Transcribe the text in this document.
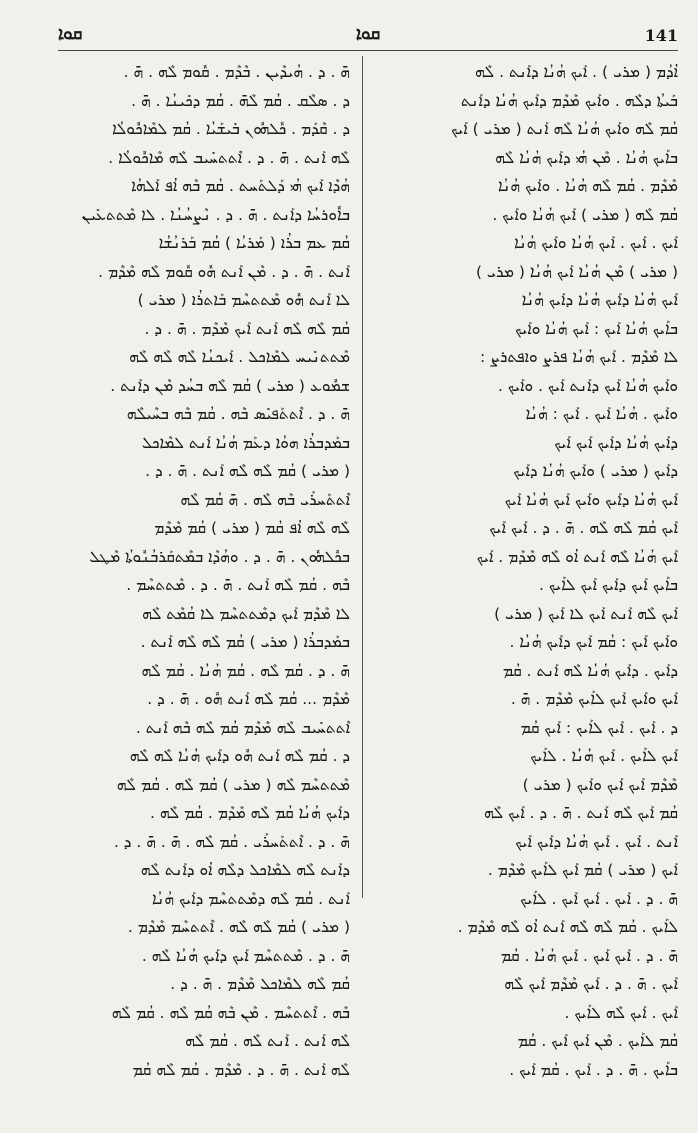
ܩܘܐ	ܩܘܐ	141
ܗ̄ . ܕ . ܗܳܝܕܶܝܢ . ܒܶܕܶܡ . ܩܽܘܡ ܠܶܗ . ܗ̄ .
ܕ . ܣܠܶܩ . ܩܳܡ ܠܶܗ̄ . ܩܳܡ ܕܟܺܝܢܳܐ . ܗ̄ .
ܕ . ܩܶܕܰܡ . ܟܽܠܗܽܘܢ ܒܺܝܫܰܝܳܐ . ܩܳܡ ܠܡܶܐܟܽܘܠܳܐ
ܠܶܗ ܐܰܢܬ . ܗ̄ . ܕ . ܐܶܬܬܚܺܝܒ ܠܶܗ ܡܶܐܟܽܘܠܳܐ .
ܗܳܕܶܐ ܐܰܝܟ ܗܳܝ ܕܰܠܬܰܚܬ . ܩܳܡ ܒܶܗ ܐܳܦ ܐܰܠܗܳܐ
ܒܐܽܘܪܚܳܐ ܕܐܰܢܬ . ܗ̄ . ܕ . ܢܶܨܚܳܢܳܐ . ܠܐ ܡܶܬܬܥܺܝܢ
ܩܳܡ ܥܡ ܒܪܳܐ ( ܡܰܪܝܳܐ ) ܩܳܡ ܒܰܪܢܳܫܳܐ
ܐܰܢܬ . ܗ̄ . ܕ . ܡܶܢ ܐܰܢܬ ܗܽܘ ܩܽܘܡ ܠܶܗ ܡܶܕܶܡ .
ܠܐ ܐܰܢܬ ܗܽܘ ܡܶܬܬܚܶܡ ܒܰܐܬܪܳܐ ( ܡܪܝ )
ܩܳܡ ܠܶܗ ܠܶܗ ܐܰܢܬ ܐܰܝܟ ܡܶܕܶܡ . ܗ̄ . ܕ .
ܡܶܬܬܢܺܝܚ ܠܡܶܐܟܠ . ܐܰܝܟܢܳܐ ܠܶܗ ܠܶܗ ܠܶܗ
ܫܡܽܘܥ ( ܡܪܝ ) ܩܳܡ ܠܶܗ ܒܚܳܕ ܡܶܢ ܕܐܰܢܬ .
ܗ̄ . ܕ . ܐܶܬܬܰܦܝܺܣ ܒܶܗ . ܩܳܡ ܒܶܗ ܒܚܶܝܠܶܗ
ܒܡܰܕܒܪܳܐ ܗܘܳܐ ܕܥܰܡ ܗܳܢܳܐ ܐܰܢܬ ܠܡܶܐܟܠ
( ܡܪܝ ) ܩܳܡ ܠܶܗ ܠܶܗ ܐܰܢܬ . ܗ̄ . ܕ .
ܐܶܬܬܰܚܪܰܝ ܒܶܗ ܠܶܗ . ܗ̄ ܩܳܡ ܠܶܗ
ܠܶܗ ܠܶܗ ܐܳܦ ܩܳܡ ( ܡܪܝ ) ܩܳܡ ܡܶܕܶܡ
ܒܟܽܠܗܽܘܢ . ܗ̄ . ܕ . ܘܗܳܕܶܐ ܒܡܶܬܩܰܪܒܳܢܽܘܬܳܐ ܡܶܛܠ
ܒܶܗ . ܩܳܡ ܠܶܗ ܐܰܢܬ . ܗ̄ . ܕ . ܡܶܬܬܚܶܡ .
ܠܐ ܡܶܕܶܡ ܐܰܝܟ ܕܡܶܬܬܚܶܡ ܠܐ ܩܳܡܶܬ ܠܶܗ
ܒܡܰܕܒܪܳܐ ( ܡܪܝ ) ܩܳܡ ܠܶܗ ܠܶܗ ܐܰܢܬ .
ܗ̄ . ܕ . ܩܳܡ ܠܶܗ . ܩܳܡ ܗܳܢܳܐ . ܩܳܡ ܠܶܗ
ܡܶܕܶܡ ... ܩܳܡ ܠܶܗ ܐܰܢܬ ܗܽܘ . ܗ̄ . ܕ .
ܐܶܬܬܚܺܝܒ ܠܶܗ ܡܶܕܶܡ ܩܳܡ ܠܶܗ ܒܶܗ ܐܰܢܬ .
ܕ . ܩܳܡ ܠܶܗ ܐܰܢܬ ܗܽܘ ܕܐܰܝܟ ܗܳܢܳܐ ܠܶܗ ܠܶܗ
ܡܶܬܬܚܶܡ ܠܶܗ ( ܡܪܝ ) ܩܳܡ ܠܶܗ . ܩܳܡ ܠܶܗ
ܕܐܰܝܟ ܗܳܢܳܐ ܩܳܡ ܠܶܗ ܡܶܕܶܡ . ܩܳܡ ܠܶܗ .
ܗ̄ . ܕ . ܐܶܬܬܰܚܪܰܝ . ܩܳܡ ܠܶܗ . ܗ̄ . ܗ̄ . ܕ .
ܕܐܰܢܬ ܠܶܗ ܠܡܶܐܟܠ ܕܠܶܗ ܐܳܘ ܕܐܰܢܬ ܠܶܗ
ܐܰܢܬ . ܩܳܡ ܠܶܗ ܕܡܶܬܬܚܶܡ ܕܐܰܝܟ ܗܳܢܳܐ
( ܡܪܝ ) ܩܳܡ ܠܶܗ ܠܶܗ . ܐܶܬܬܚܶܡ ܡܶܕܶܡ .
ܗ̄ . ܕ . ܡܶܬܬܚܶܡ ܐܰܝܟ ܕܐܰܝܟ ܗܳܢܳܐ ܠܶܗ .
ܩܳܡ ܠܶܗ ܠܡܶܐܟܠ ܡܶܕܶܡ . ܗ̄ . ܕ .
ܒܶܗ . ܐܶܬܬܚܶܡ . ܡܶܢ ܒܶܗ ܩܳܡ ܠܶܗ . ܩܳܡ ܠܶܗ
ܠܶܗ ܐܰܢܬ . ܐܰܢܬ ܠܶܗ . ܩܳܡ ܠܶܗ
ܠܶܗ ܐܰܢܬ . ܗ̄ . ܕ . ܡܶܕܶܡ . ܩܳܡ ܠܶܗ ܩܳܡ
ܐܳܕܳܡ ( ܡܪܝ ) . ܐܰܝܟ ܗܳܢܳܐ ܕܐܰܢܬ . ܠܶܗ
ܒܰܝܬܳܐ ܕܠܶܗ . ܘܐܰܝܟ ܡܶܕܶܡ ܕܐܰܝܟ ܗܳܢܳܐ ܕܐܰܢܬ
ܩܳܡ ܠܶܗ ܘܐܰܝܟ ܗܳܢܳܐ ܠܶܗ ܐܰܢܬ ( ܡܪܝ ) ܐܰܝܟ
ܒܐܰܝܟ ܗܳܢܳܐ . ܡܶܢ ܗܳܝ ܕܐܰܝܟ ܗܳܢܳܐ ܠܶܗ
ܡܶܕܶܡ . ܩܳܡ ܠܶܗ ܗܳܢܳܐ . ܘܐܰܝܟ ܗܳܢܳܐ
ܩܳܡ ܠܶܗ ( ܡܪܝ ) ܐܰܝܟ ܗܳܢܳܐ ܘܐܰܝܟ .
ܐܰܝܟ . ܐܰܝܟ . ܐܰܝܟ ܗܳܢܳܐ ܘܐܰܝܟ ܗܳܢܳܐ
( ܡܪܝ ) ܡܶܢ ܗܳܢܳܐ ܐܰܝܟ ܗܳܢܳܐ ( ܡܪܝ )
ܐܰܝܟ ܗܳܢܳܐ ܕܐܰܝܟ ܗܳܢܳܐ ܕܐܰܝܟ ܗܳܢܳܐ
ܒܐܰܝܟ ܗܳܢܳܐ ܐܰܝܟ : ܐܰܝܟ ܗܳܢܳܐ ܘܐܰܝܟ
ܠܐ ܡܶܕܶܡ . ܐܰܝܟ ܗܳܢܳܐ ܦܪܨ ܘܐܦܬܪܨ :
ܘܐܰܝܟ ܗܳܢܳܐ ܐܰܝܟ ܕܐܰܢܬ ܐܰܝܟ . ܘܐܰܝܟ .
ܘܐܰܝܟ . ܗܳܢܳܐ ܐܰܝܟ . ܐܰܝܟ : ܗܳܢܳܐ
ܕܐܰܝܟ ܗܳܢܳܐ ܕܐܰܝܟ ܐܰܝܟ ܐܰܝܟ
ܕܐܰܝܟ ( ܡܪܝ ) ܘܐܰܝܟ ܗܳܢܳܐ ܕܐܰܝܟ
ܐܰܝܟ ܗܳܢܳܐ ܕܐܰܝܟ ܘܐܰܝܟ ܐܰܝܟ ܗܳܢܳܐ ܐܰܝܟ
ܐܰܝܟ ܩܳܡ ܠܶܗ ܠܶܗ . ܗ̄ . ܕ . ܐܰܝܟ ܐܰܝܟ
ܐܰܝܟ ܗܳܢܳܐ ܠܶܗ ܐܰܢܬ ܐܳܘ ܠܶܗ ܡܶܕܶܡ . ܐܰܝܟ
ܒܐܰܝܟ ܐܰܝܟ ܕܐܰܝܟ ܐܰܝܟ ܠܐܰܝܟ .
ܐܰܝܟ ܠܶܗ ܐܰܢܬ ܐܰܝܟ ܠܐ ܐܰܝܟ ( ܡܪܝ )
ܘܐܰܝܟ ܐܰܝܟ : ܩܳܡ ܐܰܝܟ ܕܐܰܝܟ ܗܳܢܳܐ .
ܕܐܰܝܟ . ܕܐܰܝܟ ܗܳܢܳܐ ܠܶܗ ܐܰܢܬ . ܩܳܡ
ܐܰܝܟ ܘܐܰܝܟ ܐܰܝܟ ܠܐܰܝܟ ܡܶܕܶܡ . ܗ̄ .
ܕ . ܐܰܝܟ . ܐܰܝܟ ܠܐܰܝܟ : ܐܰܝܟ ܩܳܡ
ܐܰܝܟ ܠܐܰܝܟ . ܐܰܝܟ ܗܳܢܳܐ . ܠܐܰܝܟ
ܡܶܕܶܡ ܐܰܝܟ ܐܰܝܟ ܘܐܰܝܟ ( ܡܪܝ )
ܩܳܡ ܐܰܝܟ ܠܶܗ ܐܰܢܬ . ܗ̄ . ܕ . ܐܰܝܟ ܠܶܗ
ܐܰܢܬ . ܐܰܝܟ . ܐܰܝܟ ܗܳܢܳܐ ܕܐܰܝܟ ܐܰܝܟ
ܐܰܝܟ ( ܡܪܝ ) ܩܳܡ ܐܰܝܟ ܠܐܰܝܟ ܡܶܕܶܡ .
ܗ̄ . ܕ . ܐܰܝܟ . ܐܰܝܟ ܐܰܝܟ . ܠܐܰܝܟ
ܠܐܰܝܟ . ܩܳܡ ܠܶܗ ܠܶܗ ܐܰܢܬ ܐܳܘ ܠܶܗ ܡܶܕܶܡ .
ܗ̄ . ܕ . ܐܰܝܟ ܐܰܝܟ . ܐܰܝܟ ܗܳܢܳܐ . ܩܳܡ
ܐܰܝܟ . ܗ̄ . ܕ . ܐܰܝܟ ܡܶܕܶܡ ܐܰܝܟ ܠܶܗ
ܐܰܝܟ . ܐܰܝܟ ܠܶܗ ܠܐܰܝܟ .
ܩܳܡ ܠܐܰܝܟ . ܡܶܢ ܐܰܝܟ ܐܰܝܟ . ܩܳܡ
ܒܐܰܝܟ . ܗ̄ . ܕ . ܐܰܝܟ . ܩܳܡ ܐܰܝܟ .
